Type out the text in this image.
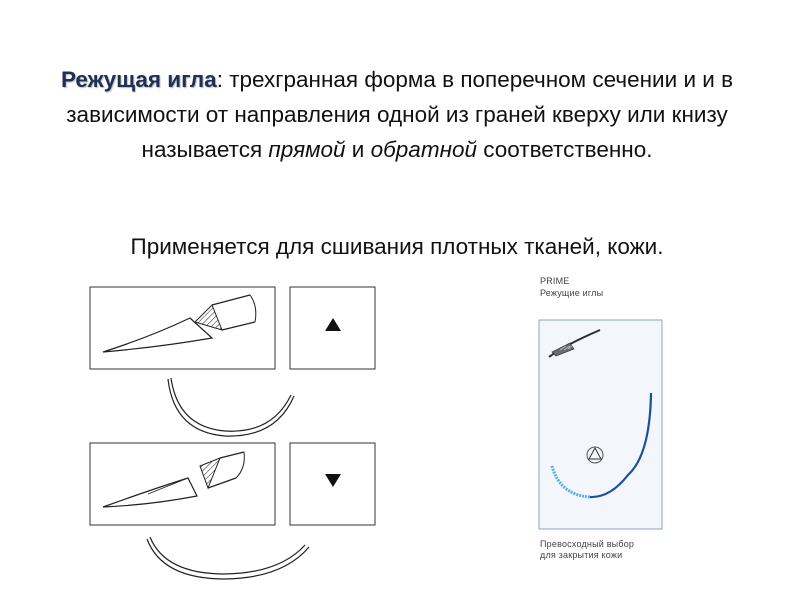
Режущая игла: трехгранная форма в поперечном сечении и и в зависимости от направления одной из граней кверху или книзу называется прямой и обратной соответственно.
Применяется для сшивания плотных тканей, кожи.
PRIME
Режущие иглы
Превосходный выбор
для закрытия кожи
